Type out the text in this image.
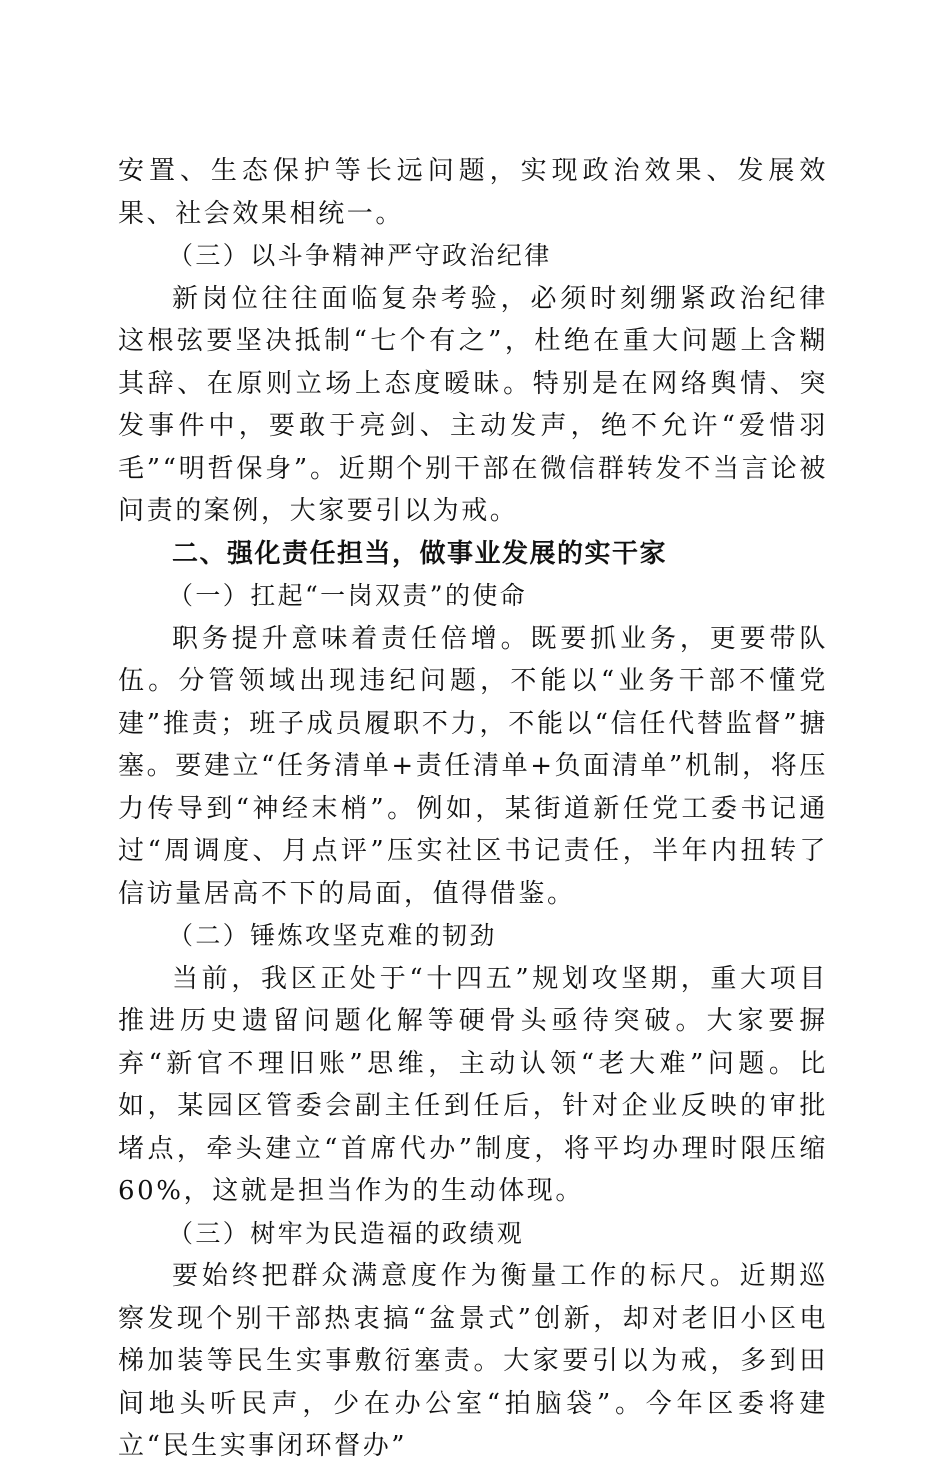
安置、生态保护等长远问题，实现政治效果、发展效果、社会效果相统一。

（三）以斗争精神严守政治纪律

新岗位往往面临复杂考验，必须时刻绷紧政治纪律这根弦要坚决抵制“七个有之”，杜绝在重大问题上含糊其辞、在原则立场上态度暧昧。特别是在网络舆情、突发事件中，要敢于亮剑、主动发声，绝不允许“爱惜羽毛”“明哲保身”。近期个别干部在微信群转发不当言论被问责的案例，大家要引以为戒。

二、强化责任担当，做事业发展的实干家
（一）扛起“一岗双责”的使命

职务提升意味着责任倍增。既要抓业务，更要带队伍。分管领域出现违纪问题，不能以“业务干部不懂党建”推责；班子成员履职不力，不能以“信任代替监督”搪塞。要建立“任务清单+责任清单+负面清单”机制，将压力传导到“神经末梢”。例如，某街道新任党工委书记通过“周调度、月点评”压实社区书记责任，半年内扭转了信访量居高不下的局面，值得借鉴。

（二）锤炼攻坚克难的韧劲

当前，我区正处于“十四五”规划攻坚期，重大项目推进历史遗留问题化解等硬骨头亟待突破。大家要摒弃“新官不理旧账”思维，主动认领“老大难”问题。比如，某园区管委会副主任到任后，针对企业反映的审批堵点，牵头建立“首席代办”制度，将平均办理时限压缩60%，这就是担当作为的生动体现。

（三）树牢为民造福的政绩观

要始终把群众满意度作为衡量工作的标尺。近期巡察发现个别干部热衷搞“盆景式”创新，却对老旧小区电梯加装等民生实事敷衍塞责。大家要引以为戒，多到田间地头听民声，少在办公室“拍脑袋”。今年区委将建立“民生实事闭环督办”
